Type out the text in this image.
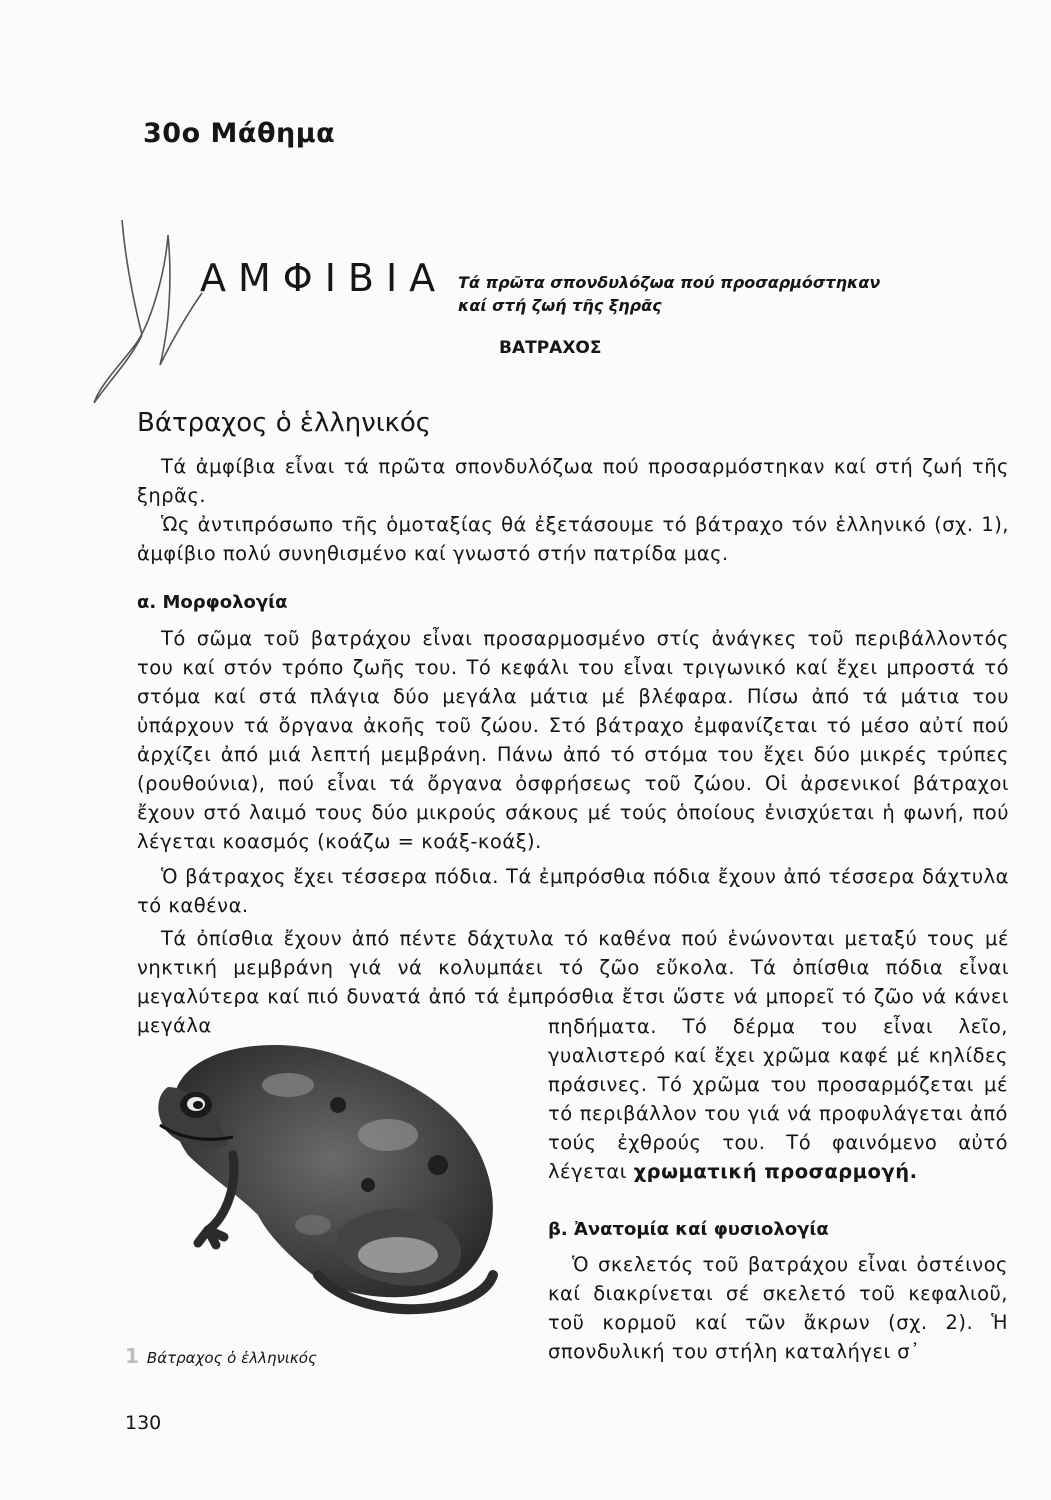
30ο Μάθημα
ΑΜΦΙΒΙΑ Τά πρῶτα σπονδυλόζωα πού προσαρμόστηκαν
καί στή ζωή τῆς ξηρᾶς
ΒΑΤΡΑΧΟΣ
Βάτραχος ὁ ἑλληνικός
Τά ἀμφίβια εἶναι τά πρῶτα σπονδυλόζωα πού προσαρμόστηκαν καί στή ζωή τῆς ξηρᾶς.
Ὡς ἀντιπρόσωπο τῆς ὁμοταξίας θά ἐξετάσουμε τό βάτραχο τόν ἑλληνικό (σχ. 1), ἀμφίβιο πολύ συνηθισμένο καί γνωστό στήν πατρίδα μας.
α. Μορφολογία
Τό σῶμα τοῦ βατράχου εἶναι προσαρμοσμένο στίς ἀνάγκες τοῦ περιβάλλοντός του καί στόν τρόπο ζωῆς του. Τό κεφάλι του εἶναι τριγωνικό καί ἔχει μπροστά τό στόμα καί στά πλάγια δύο μεγάλα μάτια μέ βλέφαρα. Πίσω ἀπό τά μάτια του ὑπάρχουν τά ὄργανα ἀκοῆς τοῦ ζώου. Στό βάτραχο ἐμφανίζεται τό μέσο αὐτί πού ἀρχίζει ἀπό μιά λεπτή μεμβράνη. Πάνω ἀπό τό στόμα του ἔχει δύο μικρές τρύπες (ρουθούνια), πού εἶναι τά ὄργανα ὀσφρήσεως τοῦ ζώου. Οἱ ἀρσενικοί βάτραχοι ἔχουν στό λαιμό τους δύο μικρούς σάκους μέ τούς ὁποίους ἐνισχύεται ἡ φωνή, πού λέγεται κοασμός (κοάζω = κοάξ-κοάξ).
Ὁ βάτραχος ἔχει τέσσερα πόδια. Τά ἐμπρόσθια πόδια ἔχουν ἀπό τέσσερα δάχτυλα τό καθένα.
Τά ὀπίσθια ἔχουν ἀπό πέντε δάχτυλα τό καθένα πού ἑνώνονται μεταξύ τους μέ νηκτική μεμβράνη γιά νά κολυμπάει τό ζῶο εὔκολα. Τά ὀπίσθια πόδια εἶναι μεγαλύτερα καί πιό δυνατά ἀπό τά ἐμπρόσθια ἔτσι ὥστε νά μπορεῖ τό ζῶο νά κάνει μεγάλα	πηδήματα. Τό δέρμα του εἶναι λεῖο, γυαλιστερό καί ἔχει χρῶμα καφέ μέ κηλίδες πράσινες. Τό χρῶμα του προσαρμόζεται μέ τό περιβάλλον του γιά νά προφυλάγεται ἀπό τούς ἐχθρούς του. Τό φαινόμενο αὐτό λέγεται χρωματική προσαρμογή.
β. Ἀνατομία καί φυσιολογία
Ὁ σκελετός τοῦ βατράχου εἶναι ὀστέινος καί διακρίνεται σέ σκελετό τοῦ κεφαλιοῦ, τοῦ κορμοῦ καί τῶν ἄκρων (σχ. 2). Ἡ σπονδυλική του στήλη καταλήγει σ᾿
1 Βάτραχος ὁ ἑλληνικός
130
